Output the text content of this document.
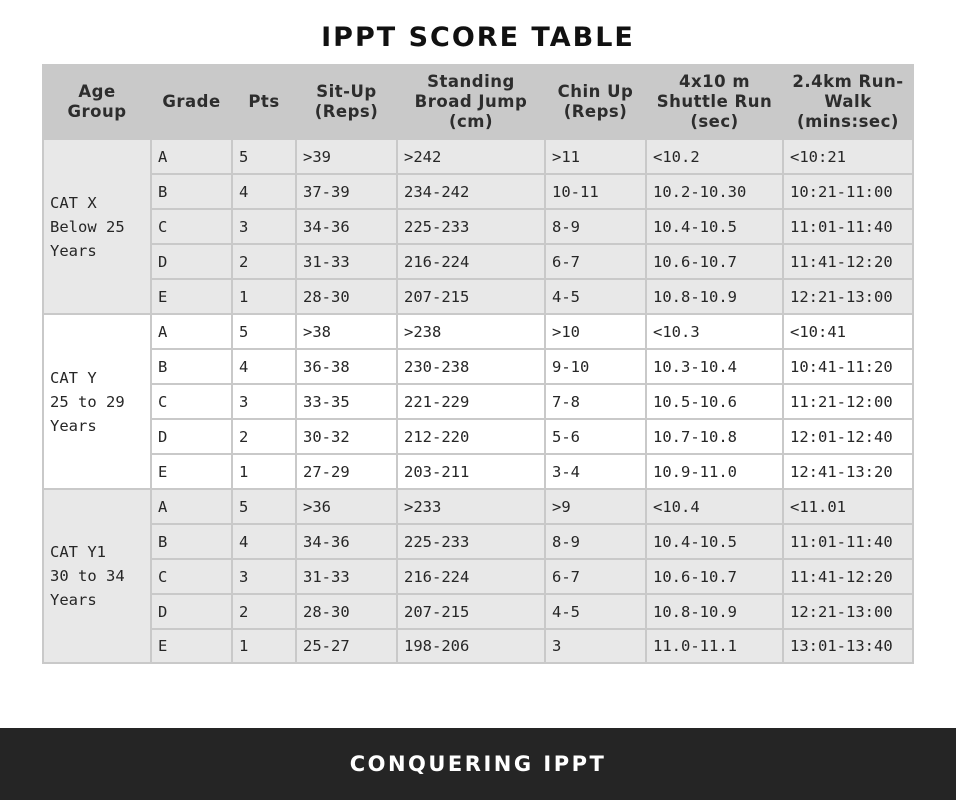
IPPT SCORE TABLE
Age Group	Grade	Pts	Sit-Up (Reps)	Standing Broad Jump (cm)	Chin Up (Reps)	4x10 m Shuttle Run (sec)	2.4km Run-Walk (mins:sec)

CAT X
Below 25
Years	A	5	>39	>242	>11	<10.2	<10:21
	B	4	37-39	234-242	10-11	10.2-10.30	10:21-11:00
	C	3	34-36	225-233	8-9	10.4-10.5	11:01-11:40
	D	2	31-33	216-224	6-7	10.6-10.7	11:41-12:20
	E	1	28-30	207-215	4-5	10.8-10.9	12:21-13:00

CAT Y
25 to 29
Years	A	5	>38	>238	>10	<10.3	<10:41
	B	4	36-38	230-238	9-10	10.3-10.4	10:41-11:20
	C	3	33-35	221-229	7-8	10.5-10.6	11:21-12:00
	D	2	30-32	212-220	5-6	10.7-10.8	12:01-12:40
	E	1	27-29	203-211	3-4	10.9-11.0	12:41-13:20

CAT Y1
30 to 34
Years	A	5	>36	>233	>9	<10.4	<11.01
	B	4	34-36	225-233	8-9	10.4-10.5	11:01-11:40
	C	3	31-33	216-224	6-7	10.6-10.7	11:41-12:20
	D	2	28-30	207-215	4-5	10.8-10.9	12:21-13:00
	E	1	25-27	198-206	3	11.0-11.1	13:01-13:40
CONQUERING IPPT
